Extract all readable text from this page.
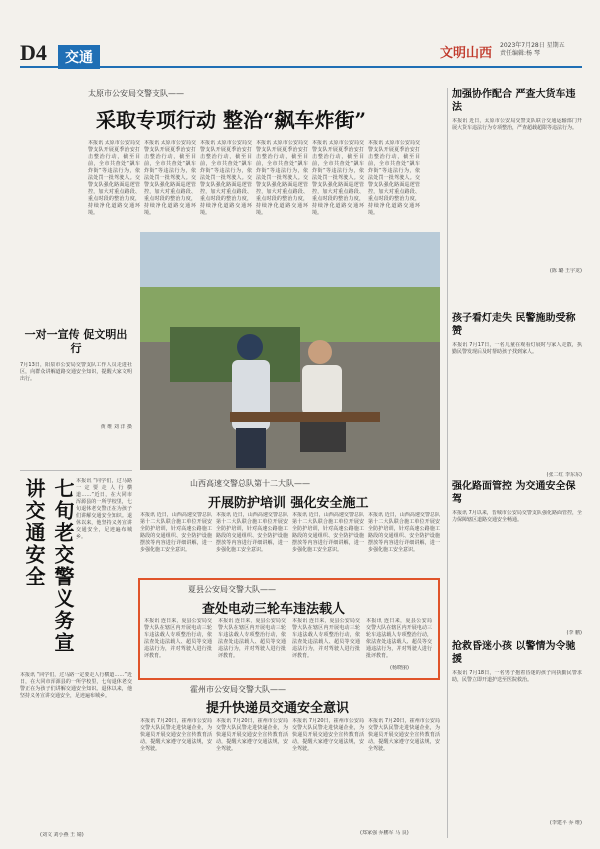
D4	交通	文明山西
2023年7月28日 星期五
责任编辑:杨 琴
太原市公安局交警支队——
采取专项行动 整治“飙车炸街”
本报讯 太原市公安局交警支队开展夏季治安打击整治行动，截至目前，全市共查处“飙车炸街”等违法行为，依法处罚一批驾驶人。交警支队强化路面巡逻管控，加大对重点路段、重点时段的整治力度，持续净化道路交通环境。
本报讯 太原市公安局交警支队开展夏季治安打击整治行动，截至目前，全市共查处“飙车炸街”等违法行为，依法处罚一批驾驶人。交警支队强化路面巡逻管控，加大对重点路段、重点时段的整治力度，持续净化道路交通环境。
本报讯 太原市公安局交警支队开展夏季治安打击整治行动，截至目前，全市共查处“飙车炸街”等违法行为，依法处罚一批驾驶人。交警支队强化路面巡逻管控，加大对重点路段、重点时段的整治力度，持续净化道路交通环境。
本报讯 太原市公安局交警支队开展夏季治安打击整治行动，截至目前，全市共查处“飙车炸街”等违法行为，依法处罚一批驾驶人。交警支队强化路面巡逻管控，加大对重点路段、重点时段的整治力度，持续净化道路交通环境。
本报讯 太原市公安局交警支队开展夏季治安打击整治行动，截至目前，全市共查处“飙车炸街”等违法行为，依法处罚一批驾驶人。交警支队强化路面巡逻管控，加大对重点路段、重点时段的整治力度，持续净化道路交通环境。
本报讯 太原市公安局交警支队开展夏季治安打击整治行动，截至目前，全市共查处“飙车炸街”等违法行为，依法处罚一批驾驶人。交警支队强化路面巡逻管控，加大对重点路段、重点时段的整治力度，持续净化道路交通环境。
一对一宣传 促文明出行
7月13日，阳泉市公安局交警支队工作人员走进社区，向群众讲解道路交通安全知识，提醒大家文明出行。
黄 维 刘 洋 摄
七旬老交警义务宣讲交通安全	本报讯 “同学们，过马路一定要走人行横道……”近日，在大同市浑源县的一所学校里，七旬退休老交警正在为孩子们讲解交通安全知识。退休以来，他坚持义务宣讲交通安全，足迹遍布城乡。
本报讯 “同学们，过马路一定要走人行横道……”近日，在大同市浑源县的一所学校里，七旬退休老交警正在为孩子们讲解交通安全知识。退休以来，他坚持义务宣讲交通安全，足迹遍布城乡。
(刘文 刘小燕 王 婧)
山西高速交警总队第十二大队——
开展防护培训 强化安全施工
本报讯 近日，山西高速交警总队第十二大队联合施工单位开展安全防护培训，针对高速公路施工路段的交通组织、安全防护设施摆放等内容进行详细讲解，进一步强化施工安全意识。
本报讯 近日，山西高速交警总队第十二大队联合施工单位开展安全防护培训，针对高速公路施工路段的交通组织、安全防护设施摆放等内容进行详细讲解，进一步强化施工安全意识。
本报讯 近日，山西高速交警总队第十二大队联合施工单位开展安全防护培训，针对高速公路施工路段的交通组织、安全防护设施摆放等内容进行详细讲解，进一步强化施工安全意识。
本报讯 近日，山西高速交警总队第十二大队联合施工单位开展安全防护培训，针对高速公路施工路段的交通组织、安全防护设施摆放等内容进行详细讲解，进一步强化施工安全意识。
夏县公安局交警大队——
查处电动三轮车违法载人
本报讯 连日来，夏县公安局交警大队在辖区内开展电动三轮车违法载人专项整治行动，依法查处违法载人、超员等交通违法行为，并对驾驶人进行批评教育。
本报讯 连日来，夏县公安局交警大队在辖区内开展电动三轮车违法载人专项整治行动，依法查处违法载人、超员等交通违法行为，并对驾驶人进行批评教育。
本报讯 连日来，夏县公安局交警大队在辖区内开展电动三轮车违法载人专项整治行动，依法查处违法载人、超员等交通违法行为，并对驾驶人进行批评教育。
本报讯 连日来，夏县公安局交警大队在辖区内开展电动三轮车违法载人专项整治行动，依法查处违法载人、超员等交通违法行为，并对驾驶人进行批评教育。
(杨晓丽)
霍州市公安局交警大队——
提升快递员交通安全意识
本报讯 7月20日，霍州市公安局交警大队民警走进快递企业，为快递员开展交通安全宣传教育活动，提醒大家遵守交通法规，安全驾驶。
本报讯 7月20日，霍州市公安局交警大队民警走进快递企业，为快递员开展交通安全宣传教育活动，提醒大家遵守交通法规，安全驾驶。
本报讯 7月20日，霍州市公安局交警大队民警走进快递企业，为快递员开展交通安全宣传教育活动，提醒大家遵守交通法规，安全驾驶。
本报讯 7月20日，霍州市公安局交警大队民警走进快递企业，为快递员开展交通安全宣传教育活动，提醒大家遵守交通法规，安全驾驶。
(郑家强 乔鹏军 马 良)
加强协作配合 严查大货车违法
本报讯 近日，太原市公安局交警支队联合交通运输部门开展大货车违法行为专项整治，严查超载超限等违法行为。
(陈 璐 王宇龙)
孩子看灯走失 民警施助受称赞
本报讯 7月17日，一名儿童在观看灯展时与家人走散，执勤民警发现后及时帮助孩子找到家人。
(张二红 李东东)
强化路面管控 为交通安全保驾
本报讯 7月以来，晋城市公安局交警支队强化路面管控，全力保障辖区道路交通安全畅通。
(李 鹏)
抢救昏迷小孩 以警情为令驰援
本报讯 7月18日，一名男子抱着昏迷的孩子向执勤民警求助，民警立即开道护送至医院救治。
(李建平 乔 维)
